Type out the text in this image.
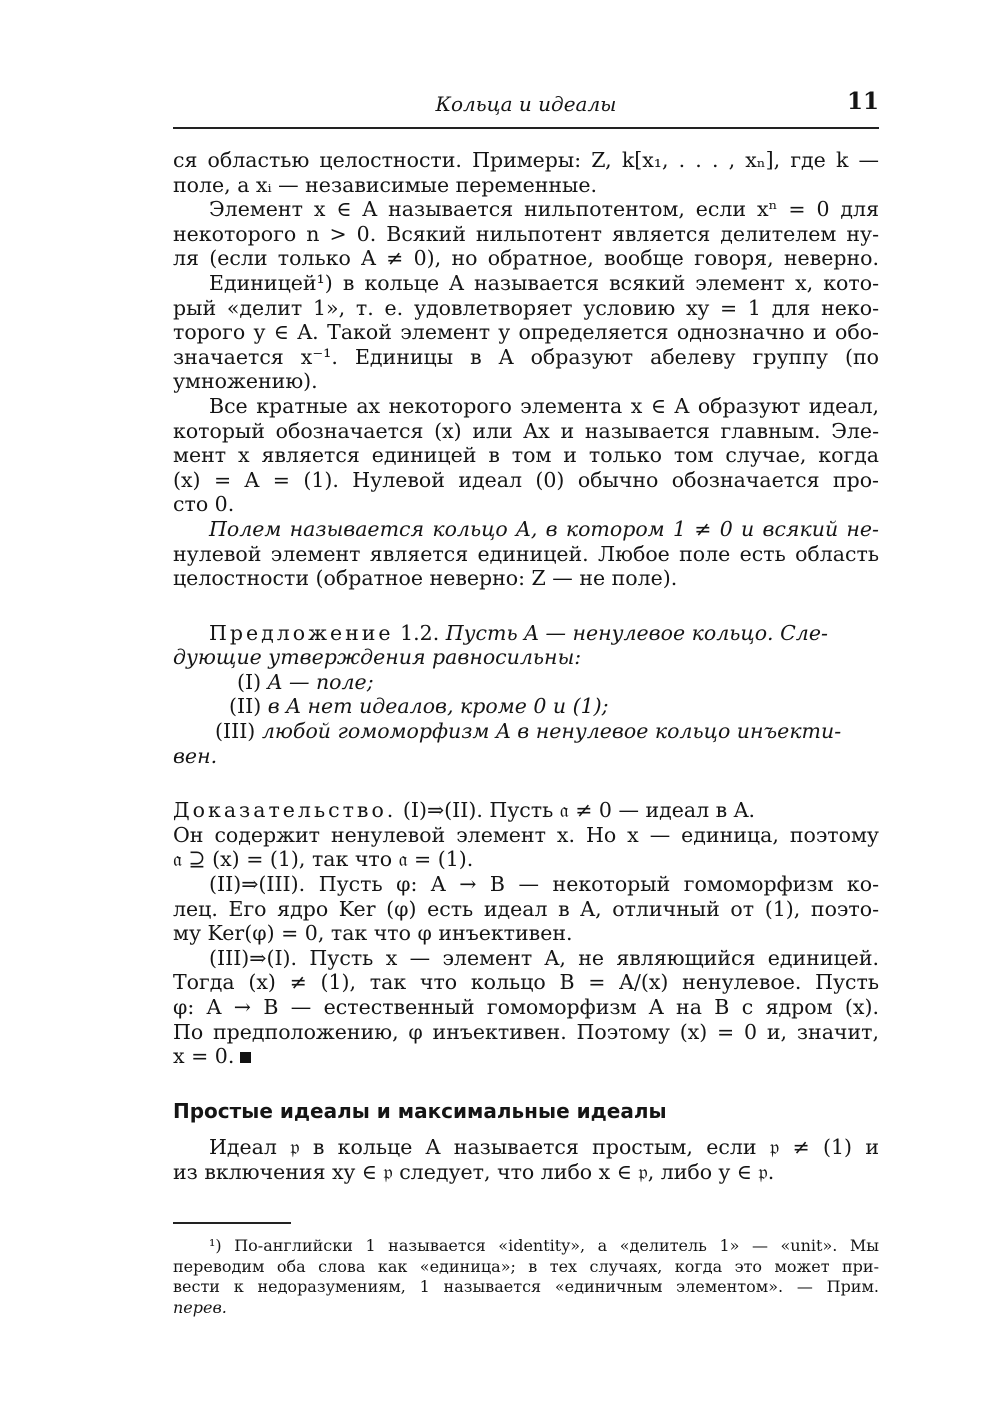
Кольца и идеалы	11
ся областью целостности. Примеры: Z, k[x₁, . . . , xₙ], где k —
поле, а xᵢ — независимые переменные.
Элемент x ∈ A называется нильпотентом, если xⁿ = 0 для
некоторого n > 0. Всякий нильпотент является делителем ну-
ля (если только A ≠ 0), но обратное, вообще говоря, неверно.
Единицей¹) в кольце A называется всякий элемент x, кото-
рый «делит 1», т. е. удовлетворяет условию xy = 1 для неко-
торого y ∈ A. Такой элемент y определяется однозначно и обо-
значается x⁻¹. Единицы в A образуют абелеву группу (по
умножению).
Все кратные ax некоторого элемента x ∈ A образуют идеал,
который обозначается (x) или Ax и называется главным. Эле-
мент x является единицей в том и только том случае, когда
(x) = A = (1). Нулевой идеал (0) обычно обозначается про-
сто 0.
Полем называется кольцо A, в котором 1 ≠ 0 и всякий не-
нулевой элемент является единицей. Любое поле есть область
целостности (обратное неверно: Z — не поле).
Предложение 1.2. Пусть A — ненулевое кольцо. Сле-
дующие утверждения равносильны:
(I) A — поле;
(II) в A нет идеалов, кроме 0 и (1);
(III) любой гомоморфизм A в ненулевое кольцо инъекти-
вен.
Доказательство. (I)⇒(II). Пусть 𝔞 ≠ 0 — идеал в A.
Он содержит ненулевой элемент x. Но x — единица, поэтому
𝔞 ⊇ (x) = (1), так что 𝔞 = (1).
(II)⇒(III). Пусть φ: A → B — некоторый гомоморфизм ко-
лец. Его ядро Ker (φ) есть идеал в A, отличный от (1), поэто-
му Ker(φ) = 0, так что φ инъективен.
(III)⇒(I). Пусть x — элемент A, не являющийся единицей.
Тогда (x) ≠ (1), так что кольцо B = A/(x) ненулевое. Пусть
φ: A → B — естественный гомоморфизм A на B с ядром (x).
По предположению, φ инъективен. Поэтому (x) = 0 и, значит,
x = 0.
Простые идеалы и максимальные идеалы
Идеал 𝔭 в кольце A называется простым, если 𝔭 ≠ (1) и
из включения xy ∈ 𝔭 следует, что либо x ∈ 𝔭, либо y ∈ 𝔭.
¹) По-английски 1 называется «identity», а «делитель 1» — «unit». Мы
переводим оба слова как «единица»; в тех случаях, когда это может при-
вести к недоразумениям, 1 называется «единичным элементом». — Прим.
перев.
